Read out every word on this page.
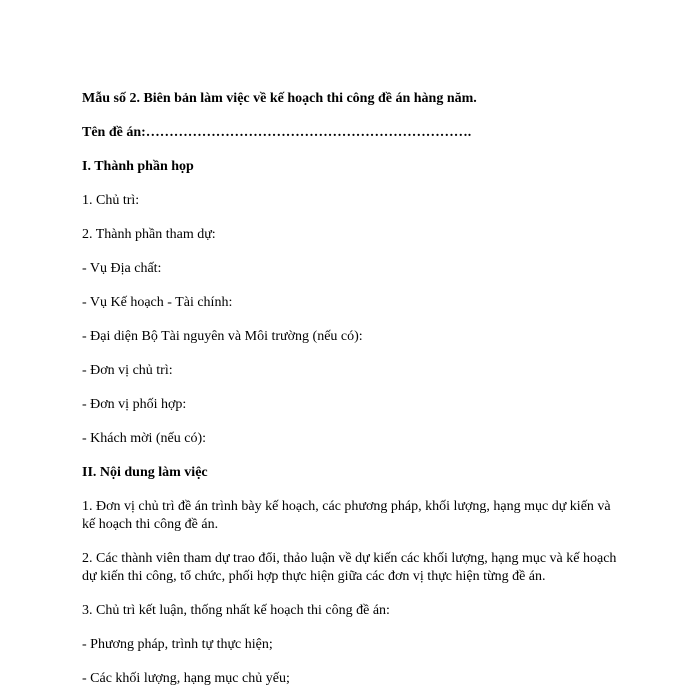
Mẫu số 2. Biên bản làm việc về kế hoạch thi công đề án hàng năm.

Tên đề án:…………………………………………………………….

I. Thành phần họp

1. Chủ trì:

2. Thành phần tham dự:

- Vụ Địa chất:

- Vụ Kế hoạch - Tài chính:

- Đại diện Bộ Tài nguyên và Môi trường (nếu có):

- Đơn vị chủ trì:

- Đơn vị phối hợp:

- Khách mời (nếu có):

II. Nội dung làm việc

1. Đơn vị chủ trì đề án trình bày kế hoạch, các phương pháp, khối lượng, hạng mục dự kiến và kế hoạch thi công đề án.

2. Các thành viên tham dự trao đổi, thảo luận về dự kiến các khối lượng, hạng mục và kế hoạch dự kiến thi công, tổ chức, phối hợp thực hiện giữa các đơn vị thực hiện từng đề án.

3. Chủ trì kết luận, thống nhất kế hoạch thi công đề án:

- Phương pháp, trình tự thực hiện;

- Các khối lượng, hạng mục chủ yếu;
